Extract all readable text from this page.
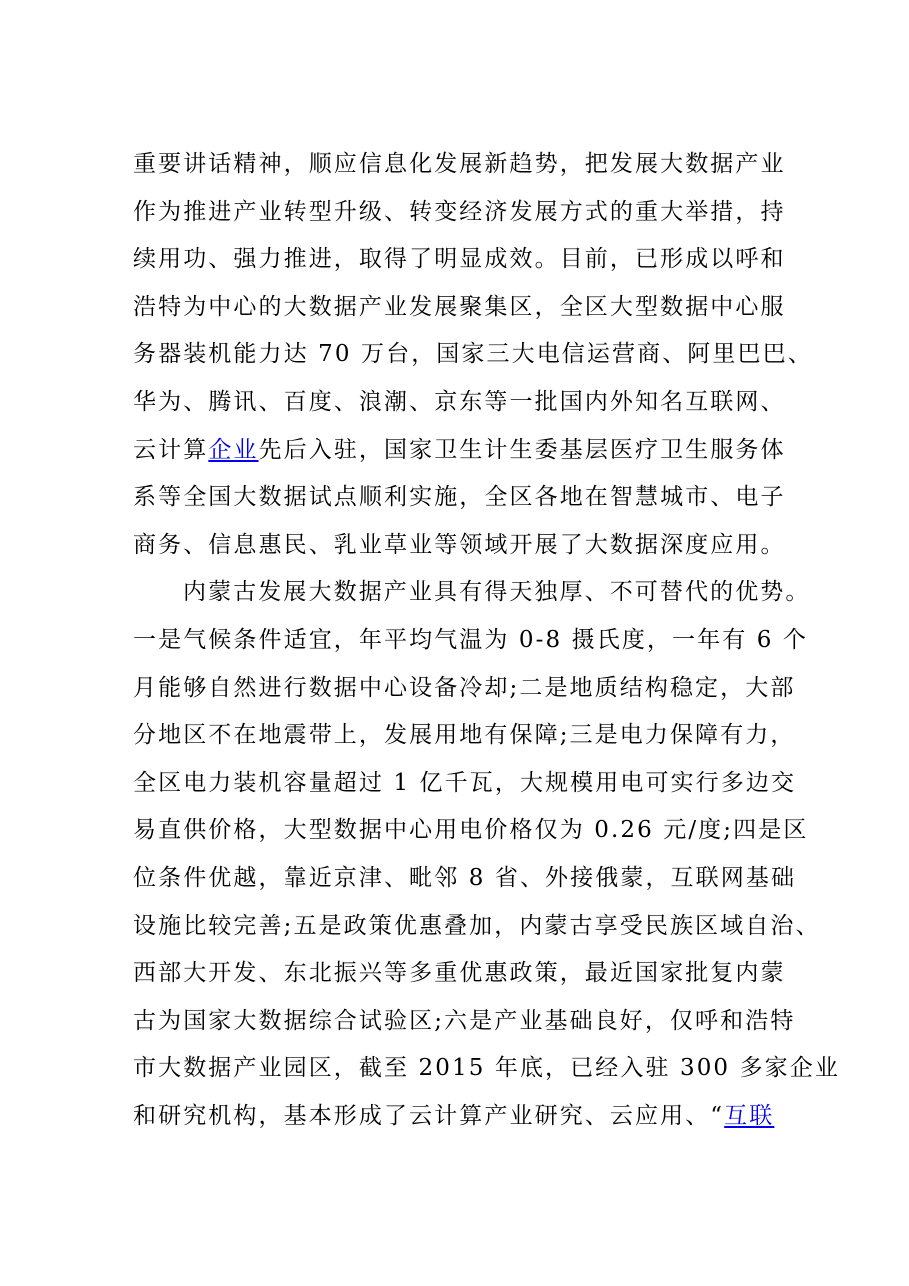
重要讲话精神，顺应信息化发展新趋势，把发展大数据产业
作为推进产业转型升级、转变经济发展方式的重大举措，持
续用功、强力推进，取得了明显成效。目前，已形成以呼和
浩特为中心的大数据产业发展聚集区，全区大型数据中心服
务器装机能力达 70 万台，国家三大电信运营商、阿里巴巴、
华为、腾讯、百度、浪潮、京东等一批国内外知名互联网、
云计算企业先后入驻，国家卫生计生委基层医疗卫生服务体
系等全国大数据试点顺利实施，全区各地在智慧城市、电子
商务、信息惠民、乳业草业等领域开展了大数据深度应用。
内蒙古发展大数据产业具有得天独厚、不可替代的优势。
一是气候条件适宜，年平均气温为 0-8 摄氏度，一年有 6 个
月能够自然进行数据中心设备冷却;二是地质结构稳定，大部
分地区不在地震带上，发展用地有保障;三是电力保障有力，
全区电力装机容量超过 1 亿千瓦，大规模用电可实行多边交
易直供价格，大型数据中心用电价格仅为 0.26 元/度;四是区
位条件优越，靠近京津、毗邻 8 省、外接俄蒙，互联网基础
设施比较完善;五是政策优惠叠加，内蒙古享受民族区域自治、
西部大开发、东北振兴等多重优惠政策，最近国家批复内蒙
古为国家大数据综合试验区;六是产业基础良好，仅呼和浩特
市大数据产业园区，截至 2015 年底，已经入驻 300 多家企业
和研究机构，基本形成了云计算产业研究、云应用、“互联
